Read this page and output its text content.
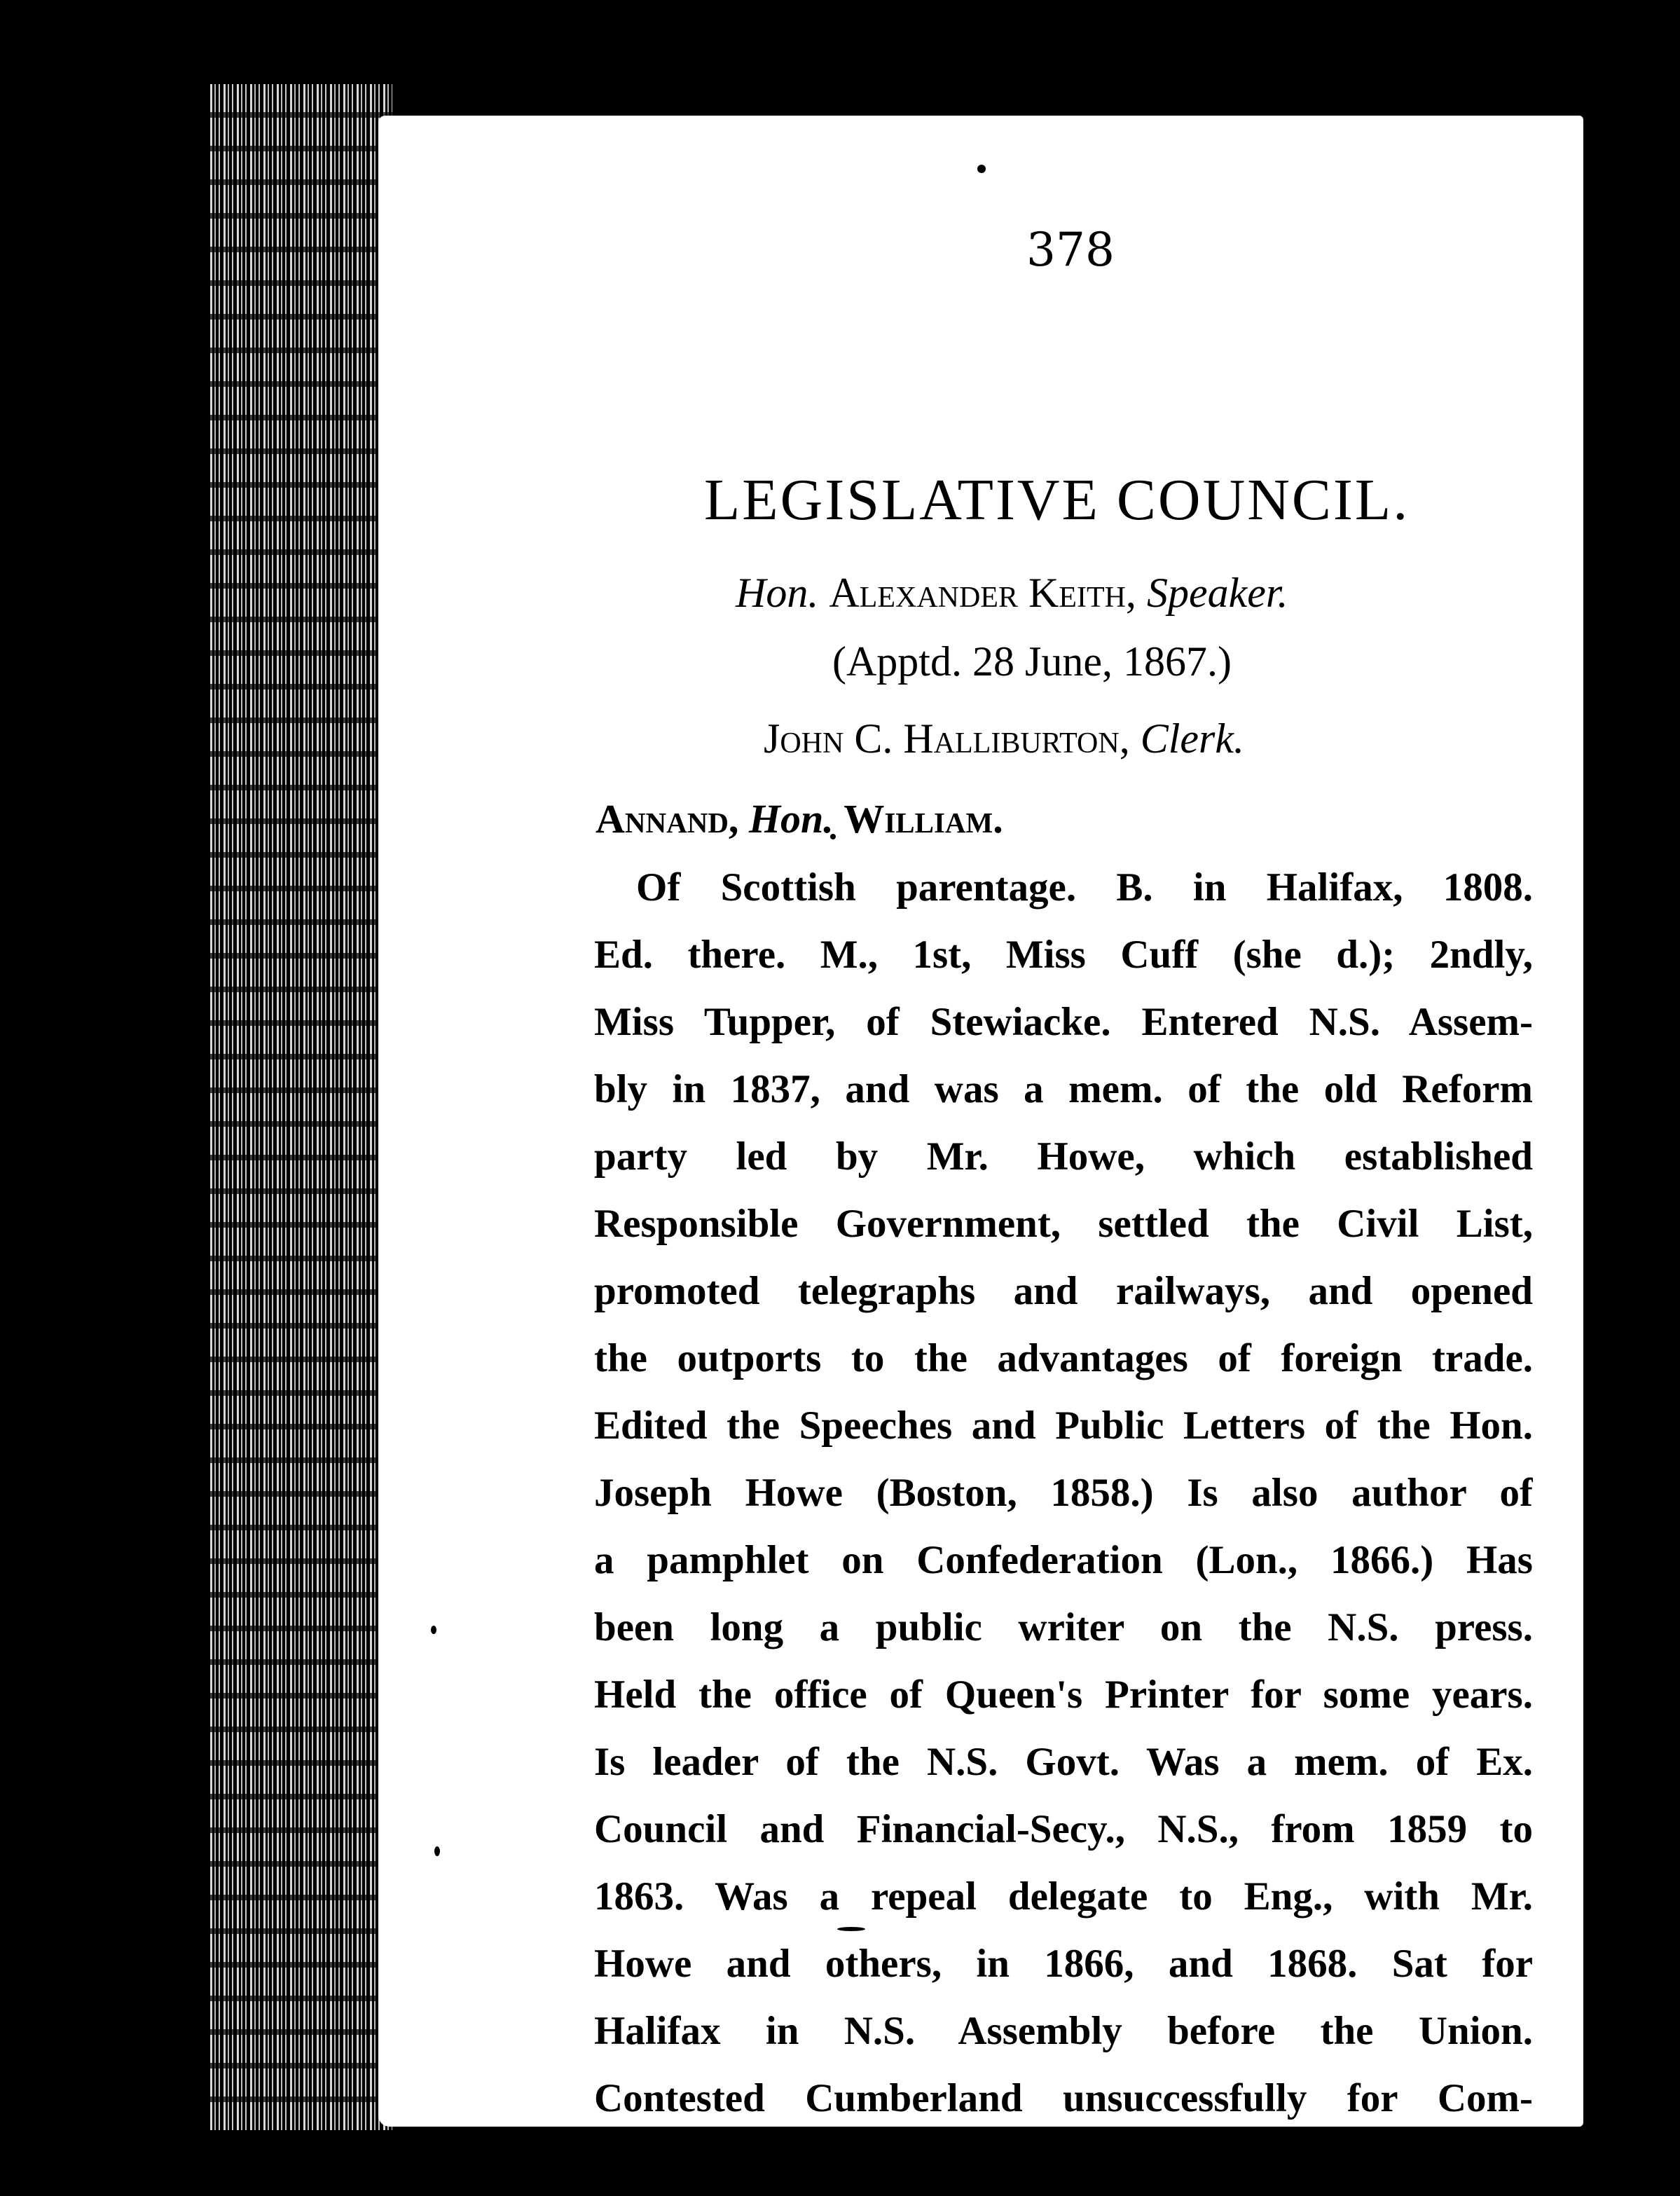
378

LEGISLATIVE COUNCIL.

Hon. Alexander Keith, Speaker.

(Apptd. 28 June, 1867.)

John C. Halliburton, Clerk.

Annand, Hon. William.

Of Scottish parentage. B. in Halifax, 1808.
Ed. there. M., 1st, Miss Cuff (she d.); 2ndly,
Miss Tupper, of Stewiacke. Entered N.S. Assem-
bly in 1837, and was a mem. of the old Reform
party led by Mr. Howe, which established
Responsible Government, settled the Civil List,
promoted telegraphs and railways, and opened
the outports to the advantages of foreign trade.
Edited the Speeches and Public Letters of the Hon.
Joseph Howe (Boston, 1858.) Is also author of
a pamphlet on Confederation (Lon., 1866.) Has
been long a public writer on the N.S. press.
Held the office of Queen's Printer for some years.
Is leader of the N.S. Govt. Was a mem. of Ex.
Council and Financial-Secy., N.S., from 1859 to
1863. Was a repeal delegate to Eng., with Mr.
Howe and others, in 1866, and 1868. Sat for
Halifax in N.S. Assembly before the Union.
Contested Cumberland unsuccessfully for Com-
